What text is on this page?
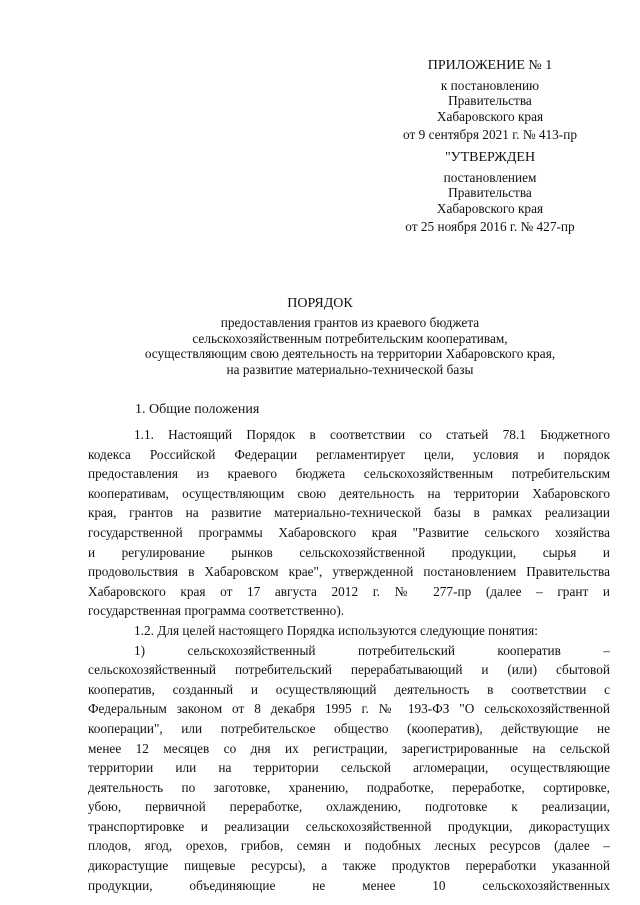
ПРИЛОЖЕНИЕ № 1
к постановлению
Правительства
Хабаровского края
от 9 сентября 2021 г. № 413-пр
"УТВЕРЖДЕН
постановлением
Правительства
Хабаровского края
от 25 ноября 2016 г. № 427-пр
ПОРЯДОК
предоставления грантов из краевого бюджета
сельскохозяйственным потребительским кооперативам,
осуществляющим свою деятельность на территории Хабаровского края,
на развитие материально-технической базы
1. Общие положения
1.1. Настоящий Порядок в соответствии со статьей 78.1 Бюджетного
кодекса Российской Федерации регламентирует цели, условия и порядок
предоставления из краевого бюджета сельскохозяйственным потребительским
кооперативам, осуществляющим свою деятельность на территории Хабаровского
края, грантов на развитие материально-технической базы в рамках реализации
государственной программы Хабаровского края "Развитие сельского хозяйства
и регулирование рынков сельскохозяйственной продукции, сырья и
продовольствия в Хабаровском крае", утвержденной постановлением Правительства
Хабаровского края от 17 августа 2012 г. № 277-пр (далее – грант и
государственная программа соответственно).
1.2. Для целей настоящего Порядка используются следующие понятия:
1) сельскохозяйственный потребительский кооператив –
сельскохозяйственный потребительский перерабатывающий и (или) сбытовой
кооператив, созданный и осуществляющий деятельность в соответствии с
Федеральным законом от 8 декабря 1995 г. № 193-ФЗ "О сельскохозяйственной
кооперации", или потребительское общество (кооператив), действующие не
менее 12 месяцев со дня их регистрации, зарегистрированные на сельской
территории или на территории сельской агломерации, осуществляющие
деятельность по заготовке, хранению, подработке, переработке, сортировке,
убою, первичной переработке, охлаждению, подготовке к реализации,
транспортировке и реализации сельскохозяйственной продукции, дикорастущих
плодов, ягод, орехов, грибов, семян и подобных лесных ресурсов (далее –
дикорастущие пищевые ресурсы), а также продуктов переработки указанной
продукции, объединяющие не менее 10 сельскохозяйственных
